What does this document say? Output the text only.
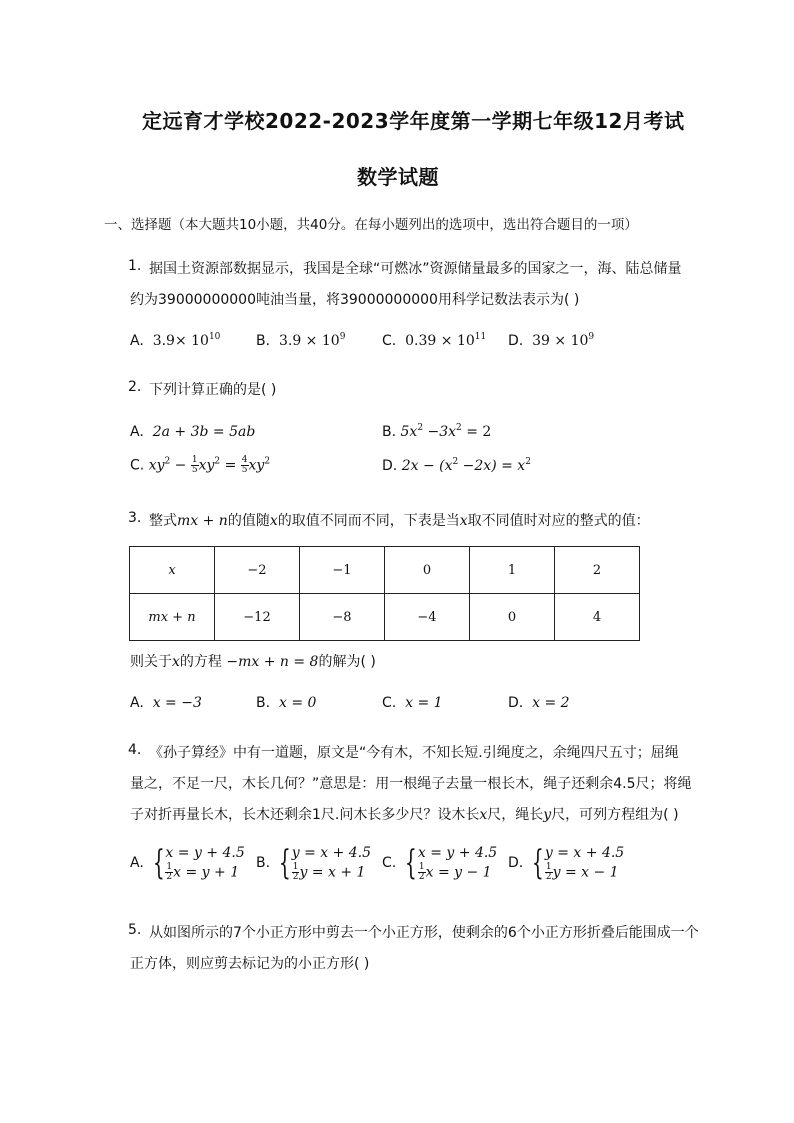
定远育才学校2022-2023学年度第一学期七年级12月考试
数学试题
一、选择题（本大题共10小题，共40分。在每小题列出的选项中，选出符合题目的一项）
1. 据国土资源部数据显示，我国是全球“可燃冰”资源储量最多的国家之一，海、陆总储量
约为39000000000吨油当量，将39000000000用科学记数法表示为( )
A. $3.9\times 10^{10}$	B. $3.9 \times 10^9$	C. $0.39 \times 10^{11}$ D. $39 \times 10^9$
2. 下列计算正确的是( )
A. 2a + 3b = 5ab	B. $5x^2 -3x^2 = 2$
C. $xy^2 - \frac{1}{5} xy^2 = \frac{4}{5} xy^2$	D. $2x - (x^2 -2x) = x^2$
3. 整式mx + n的值随x的取值不同而不同，下表是当x取不同值时对应的整式的值：
x	−2	−1	0	1	2
mx + n	−12	−8	−4	0	4
则关于x的方程 −mx + n = 8的解为( )
A. x = −3	B. x = 0	C. x = 1	D. x = 2
4. 《孙子算经》中有一道题，原文是“今有木，不知长短.引绳度之，余绳四尺五寸；屈绳
量之，不足一尺，木长几何？”意思是：用一根绳子去量一根长木，绳子还剩余4.5尺；将绳
子对折再量长木，长木还剩余1尺.问木长多少尺？设木长x尺，绳长y尺，可列方程组为( )
A. { x = y + 4.5
$\frac{1}{2}$ x = y + 1
B. { y = x + 4.5
$\frac{1}{2}$ y = x + 1
C. { x = y + 4.5
$\frac{1}{2}$ x = y − 1
D. { y = x + 4.5
$\frac{1}{2}$ y = x − 1
5. 从如图所示的7个小正方形中剪去一个小正方形，使剩余的6个小正方形折叠后能围成一个
正方体，则应剪去标记为的小正方形( )
